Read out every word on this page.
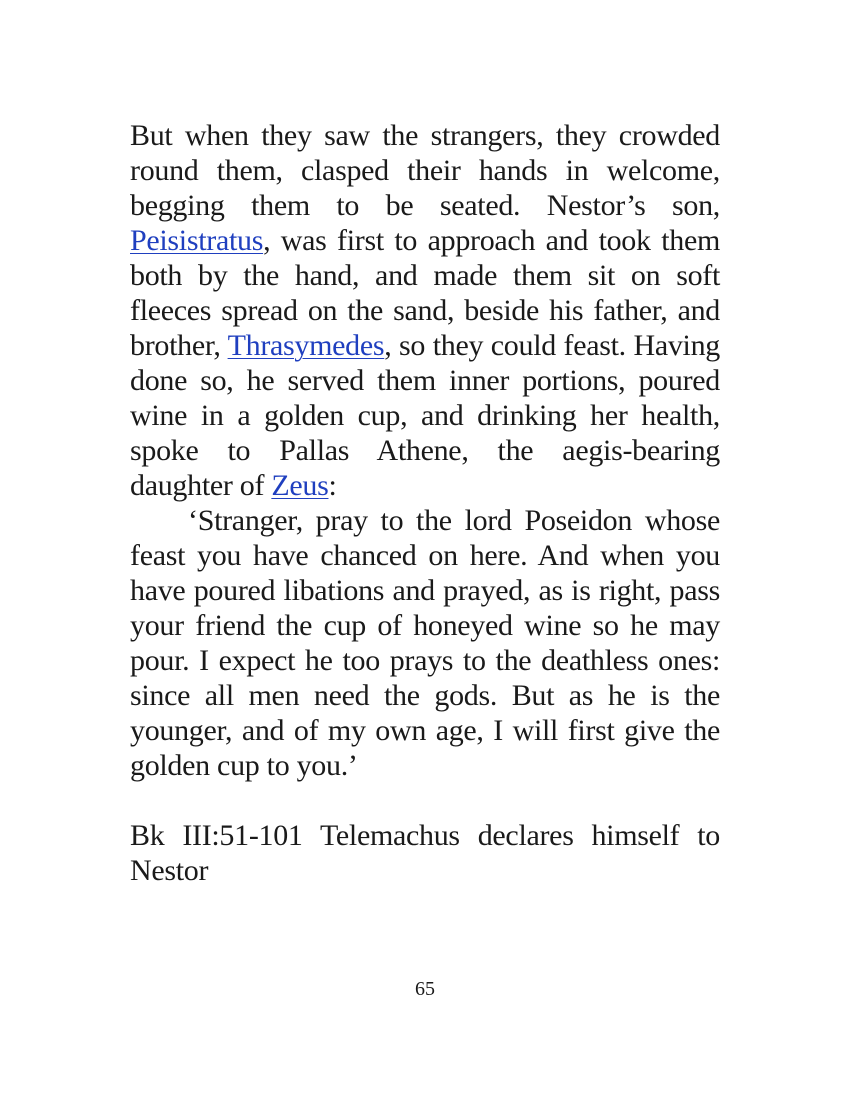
But when they saw the strangers, they crowded round them, clasped their hands in welcome, begging them to be seated. Nestor’s son, Peisistratus, was first to approach and took them both by the hand, and made them sit on soft fleeces spread on the sand, beside his father, and brother, Thrasymedes, so they could feast. Having done so, he served them inner portions, poured wine in a golden cup, and drinking her health, spoke to Pallas Athene, the aegis-bearing daughter of Zeus:

‘Stranger, pray to the lord Poseidon whose feast you have chanced on here. And when you have poured libations and prayed, as is right, pass your friend the cup of honeyed wine so he may pour. I expect he too prays to the deathless ones: since all men need the gods. But as he is the younger, and of my own age, I will first give the golden cup to you.’

Bk III:51-101 Telemachus declares himself to Nestor

65
